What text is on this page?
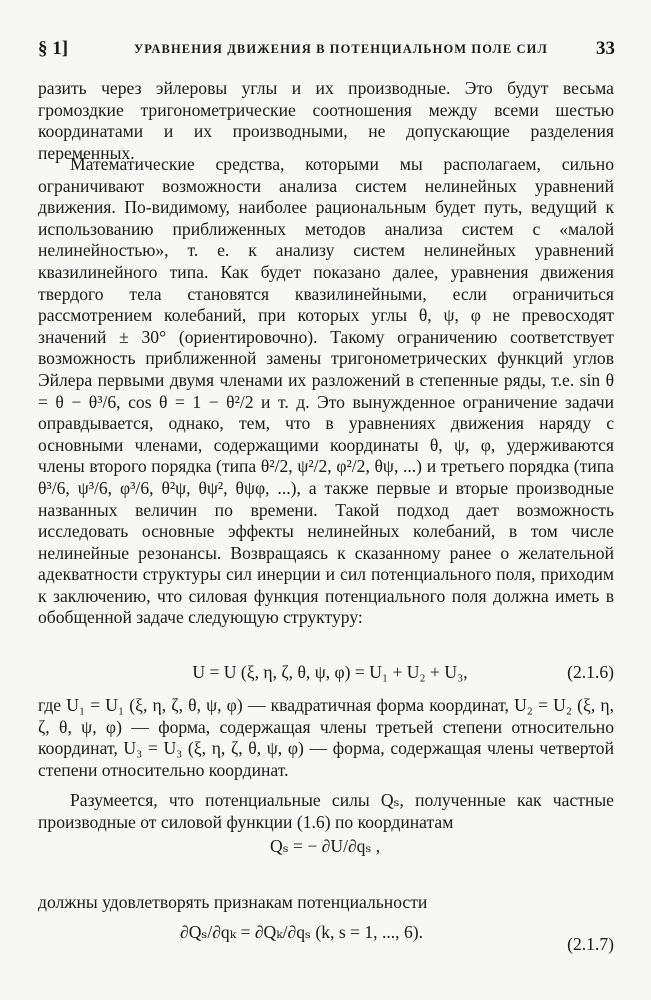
§ 1]	УРАВНЕНИЯ ДВИЖЕНИЯ В ПОТЕНЦИАЛЬНОМ ПОЛЕ СИЛ	33

разить через эйлеровы углы и их производные. Это будут весьма громоздкие тригонометрические соотношения между всеми шестью координатами и их производными, не допускающие разделения переменных.

Математические средства, которыми мы располагаем, сильно ограничивают возможности анализа систем нелинейных уравнений движения. По-видимому, наиболее рациональным будет путь, ведущий к использованию приближенных методов анализа систем с «малой нелинейностью», т. е. к анализу систем нелинейных уравнений квазилинейного типа. Как будет показано далее, уравнения движения твердого тела становятся квазилинейными, если ограничиться рассмотрением колебаний, при которых углы θ, ψ, φ не превосходят значений ± 30° (ориентировочно). Такому ограничению соответствует возможность приближенной замены тригонометрических функций углов Эйлера первыми двумя членами их разложений в степенные ряды, т.е. sin θ = θ − θ³/6, cos θ = 1 − θ²/2 и т. д. Это вынужденное ограничение задачи оправдывается, однако, тем, что в уравнениях движения наряду с основными членами, содержащими координаты θ, ψ, φ, удерживаются члены второго порядка (типа θ²/2, ψ²/2, φ²/2, θψ, ...) и третьего порядка (типа θ³/6, ψ³/6, φ³/6, θ²ψ, θψ², θψφ, ...), а также первые и вторые производные названных величин по времени. Такой подход дает возможность исследовать основные эффекты нелинейных колебаний, в том числе нелинейные резонансы. Возвращаясь к сказанному ранее о желательной адекватности структуры сил инерции и сил потенциального поля, приходим к заключению, что силовая функция потенциального поля должна иметь в обобщенной задаче следующую структуру:

U = U (ξ, η, ζ, θ, ψ, φ) = U₁ + U₂ + U₃,	(2.1.6)

где U₁ = U₁ (ξ, η, ζ, θ, ψ, φ) — квадратичная форма координат, U₂ = U₂ (ξ, η, ζ, θ, ψ, φ) — форма, содержащая члены третьей степени относительно координат, U₃ = U₃ (ξ, η, ζ, θ, ψ, φ) — форма, содержащая члены четвертой степени относительно координат.

Разумеется, что потенциальные силы Qₛ, полученные как частные производные от силовой функции (1.6) по координатам

Qₛ = − ∂U/∂qₛ ,

должны удовлетворять признакам потенциальности

∂Qₛ/∂qₖ = ∂Qₖ/∂qₛ (k, s = 1, ..., 6).
(2.1.7)
